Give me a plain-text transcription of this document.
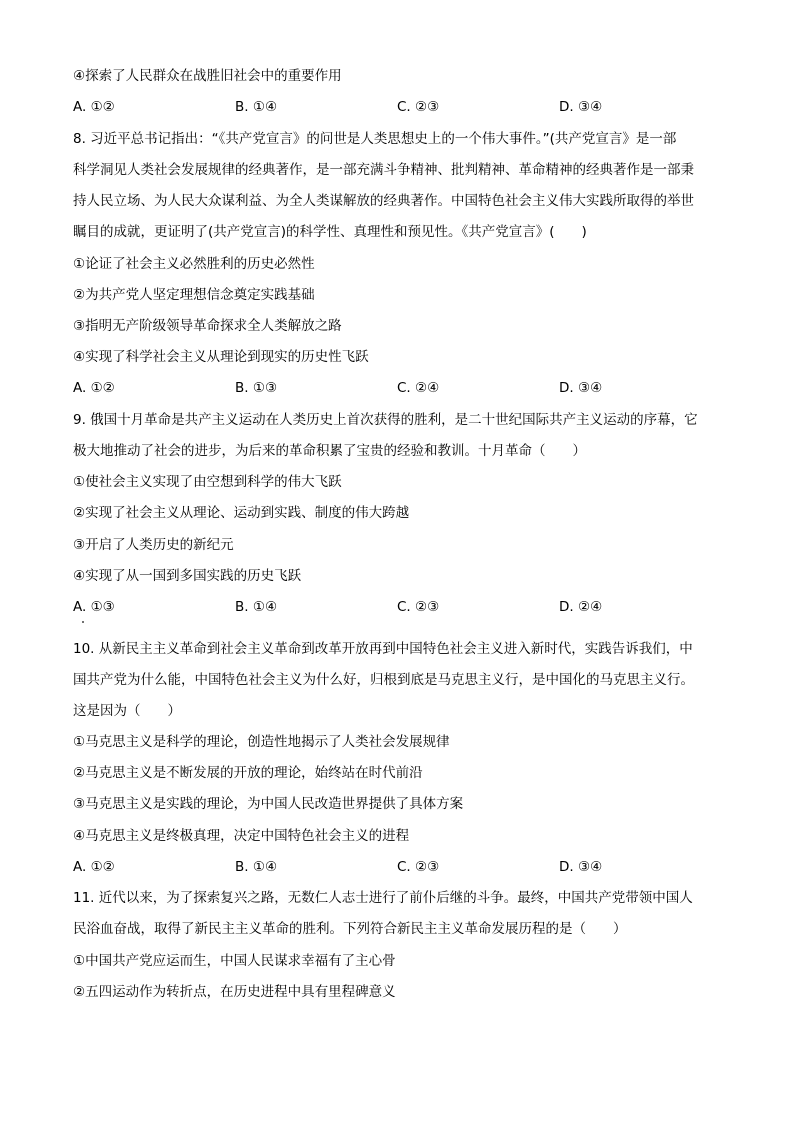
④探索了人民群众在战胜旧社会中的重要作用
A. ①②	B. ①④	C. ②③	D. ③④
8. 习近平总书记指出：“《共产党宣言》的问世是人类思想史上的一个伟大事件。”(共产党宣言》是一部
科学洞见人类社会发展规律的经典著作，是一部充满斗争精神、批判精神、革命精神的经典著作是一部秉
持人民立场、为人民大众谋利益、为全人类谋解放的经典著作。中国特色社会主义伟大实践所取得的举世
瞩目的成就，更证明了(共产党宣言)的科学性、真理性和预见性。《共产党宣言》(　　)
①论证了社会主义必然胜利的历史必然性
②为共产党人坚定理想信念奠定实践基础
③指明无产阶级领导革命探求全人类解放之路
④实现了科学社会主义从理论到现实的历史性飞跃
A. ①②	B. ①③	C. ②④	D. ③④
9. 俄国十月革命是共产主义运动在人类历史上首次获得的胜利，是二十世纪国际共产主义运动的序幕，它
极大地推动了社会的进步，为后来的革命积累了宝贵的经验和教训。十月革命（　　）
①使社会主义实现了由空想到科学的伟大飞跃
②实现了社会主义从理论、运动到实践、制度的伟大跨越
③开启了人类历史的新纪元
④实现了从一国到多国实践的历史飞跃
A. ①③	B. ①④	C. ②③	D. ②④
10. 从新民主主义革命到社会主义革命到改革开放再到中国特色社会主义进入新时代，实践告诉我们，中
国共产党为什么能，中国特色社会主义为什么好，归根到底是马克思主义行，是中国化的马克思主义行。
这是因为（　　）
①马克思主义是科学的理论，创造性地揭示了人类社会发展规律
②马克思主义是不断发展的开放的理论，始终站在时代前沿
③马克思主义是实践的理论，为中国人民改造世界提供了具体方案
④马克思主义是终极真理，决定中国特色社会主义的进程
A. ①②	B. ①④	C. ②③	D. ③④
11. 近代以来，为了探索复兴之路，无数仁人志士进行了前仆后继的斗争。最终，中国共产党带领中国人
民浴血奋战，取得了新民主主义革命的胜利。下列符合新民主主义革命发展历程的是（　　）
①中国共产党应运而生，中国人民谋求幸福有了主心骨
②五四运动作为转折点，在历史进程中具有里程碑意义
